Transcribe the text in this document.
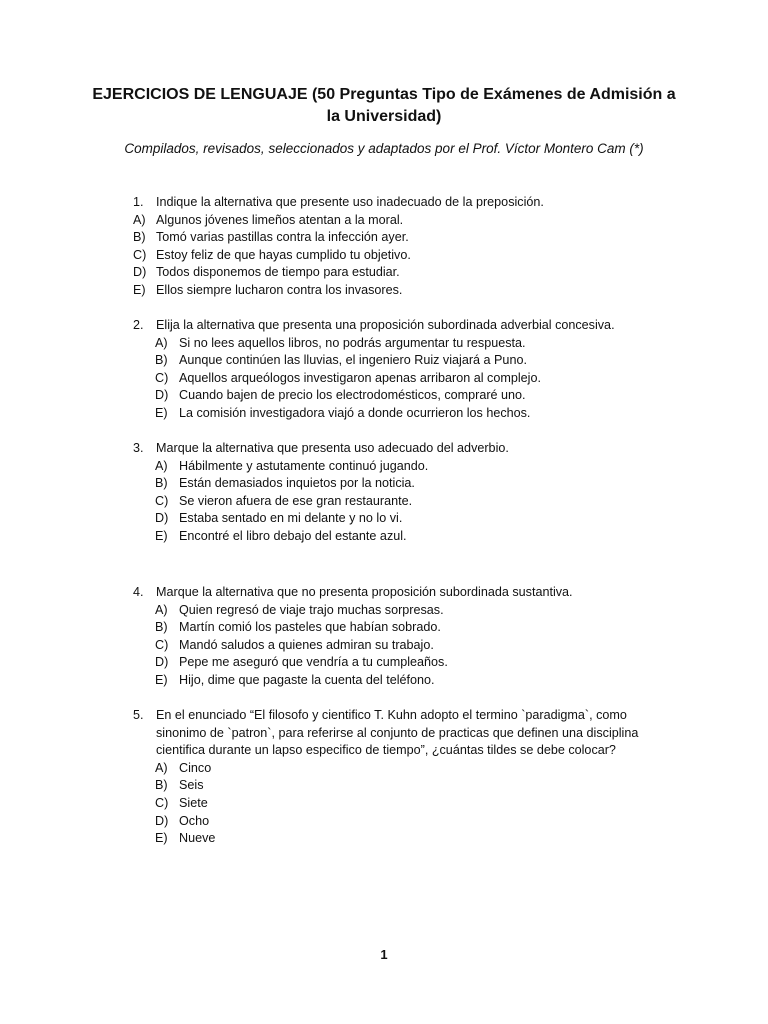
EJERCICIOS DE LENGUAJE (50 Preguntas Tipo de Exámenes de Admisión a la Universidad)
Compilados, revisados, seleccionados y adaptados por el Prof. Víctor Montero Cam (*)
1. Indique la alternativa que presente uso inadecuado de la preposición.
A) Algunos jóvenes limeños atentan a la moral.
B) Tomó varias pastillas contra la infección ayer.
C) Estoy feliz de que hayas cumplido tu objetivo.
D) Todos disponemos de tiempo para estudiar.
E) Ellos siempre lucharon contra los invasores.
2. Elija la alternativa que presenta una proposición subordinada adverbial concesiva.
A) Si no lees aquellos libros, no podrás argumentar tu respuesta.
B) Aunque continúen las lluvias, el ingeniero Ruiz viajará a Puno.
C) Aquellos arqueólogos investigaron apenas arribaron al complejo.
D) Cuando bajen de precio los electrodomésticos, compraré uno.
E) La comisión investigadora viajó a donde ocurrieron los hechos.
3. Marque la alternativa que presenta uso adecuado del adverbio.
A) Hábilmente y astutamente continuó jugando.
B) Están demasiados inquietos por la noticia.
C) Se vieron afuera de ese gran restaurante.
D) Estaba sentado en mi delante y no lo vi.
E) Encontré el libro debajo del estante azul.
4. Marque la alternativa que no presenta proposición subordinada sustantiva.
A) Quien regresó de viaje trajo muchas sorpresas.
B) Martín comió los pasteles que habían sobrado.
C) Mandó saludos a quienes admiran su trabajo.
D) Pepe me aseguró que vendría a tu cumpleaños.
E) Hijo, dime que pagaste la cuenta del teléfono.
5. En el enunciado “El filosofo y cientifico T. Kuhn adopto el termino `paradigma`, como sinonimo de `patron`, para referirse al conjunto de practicas que definen una disciplina cientifica durante un lapso especifico de tiempo”, ¿cuántas tildes se debe colocar?
A) Cinco
B) Seis
C) Siete
D) Ocho
E) Nueve
1
